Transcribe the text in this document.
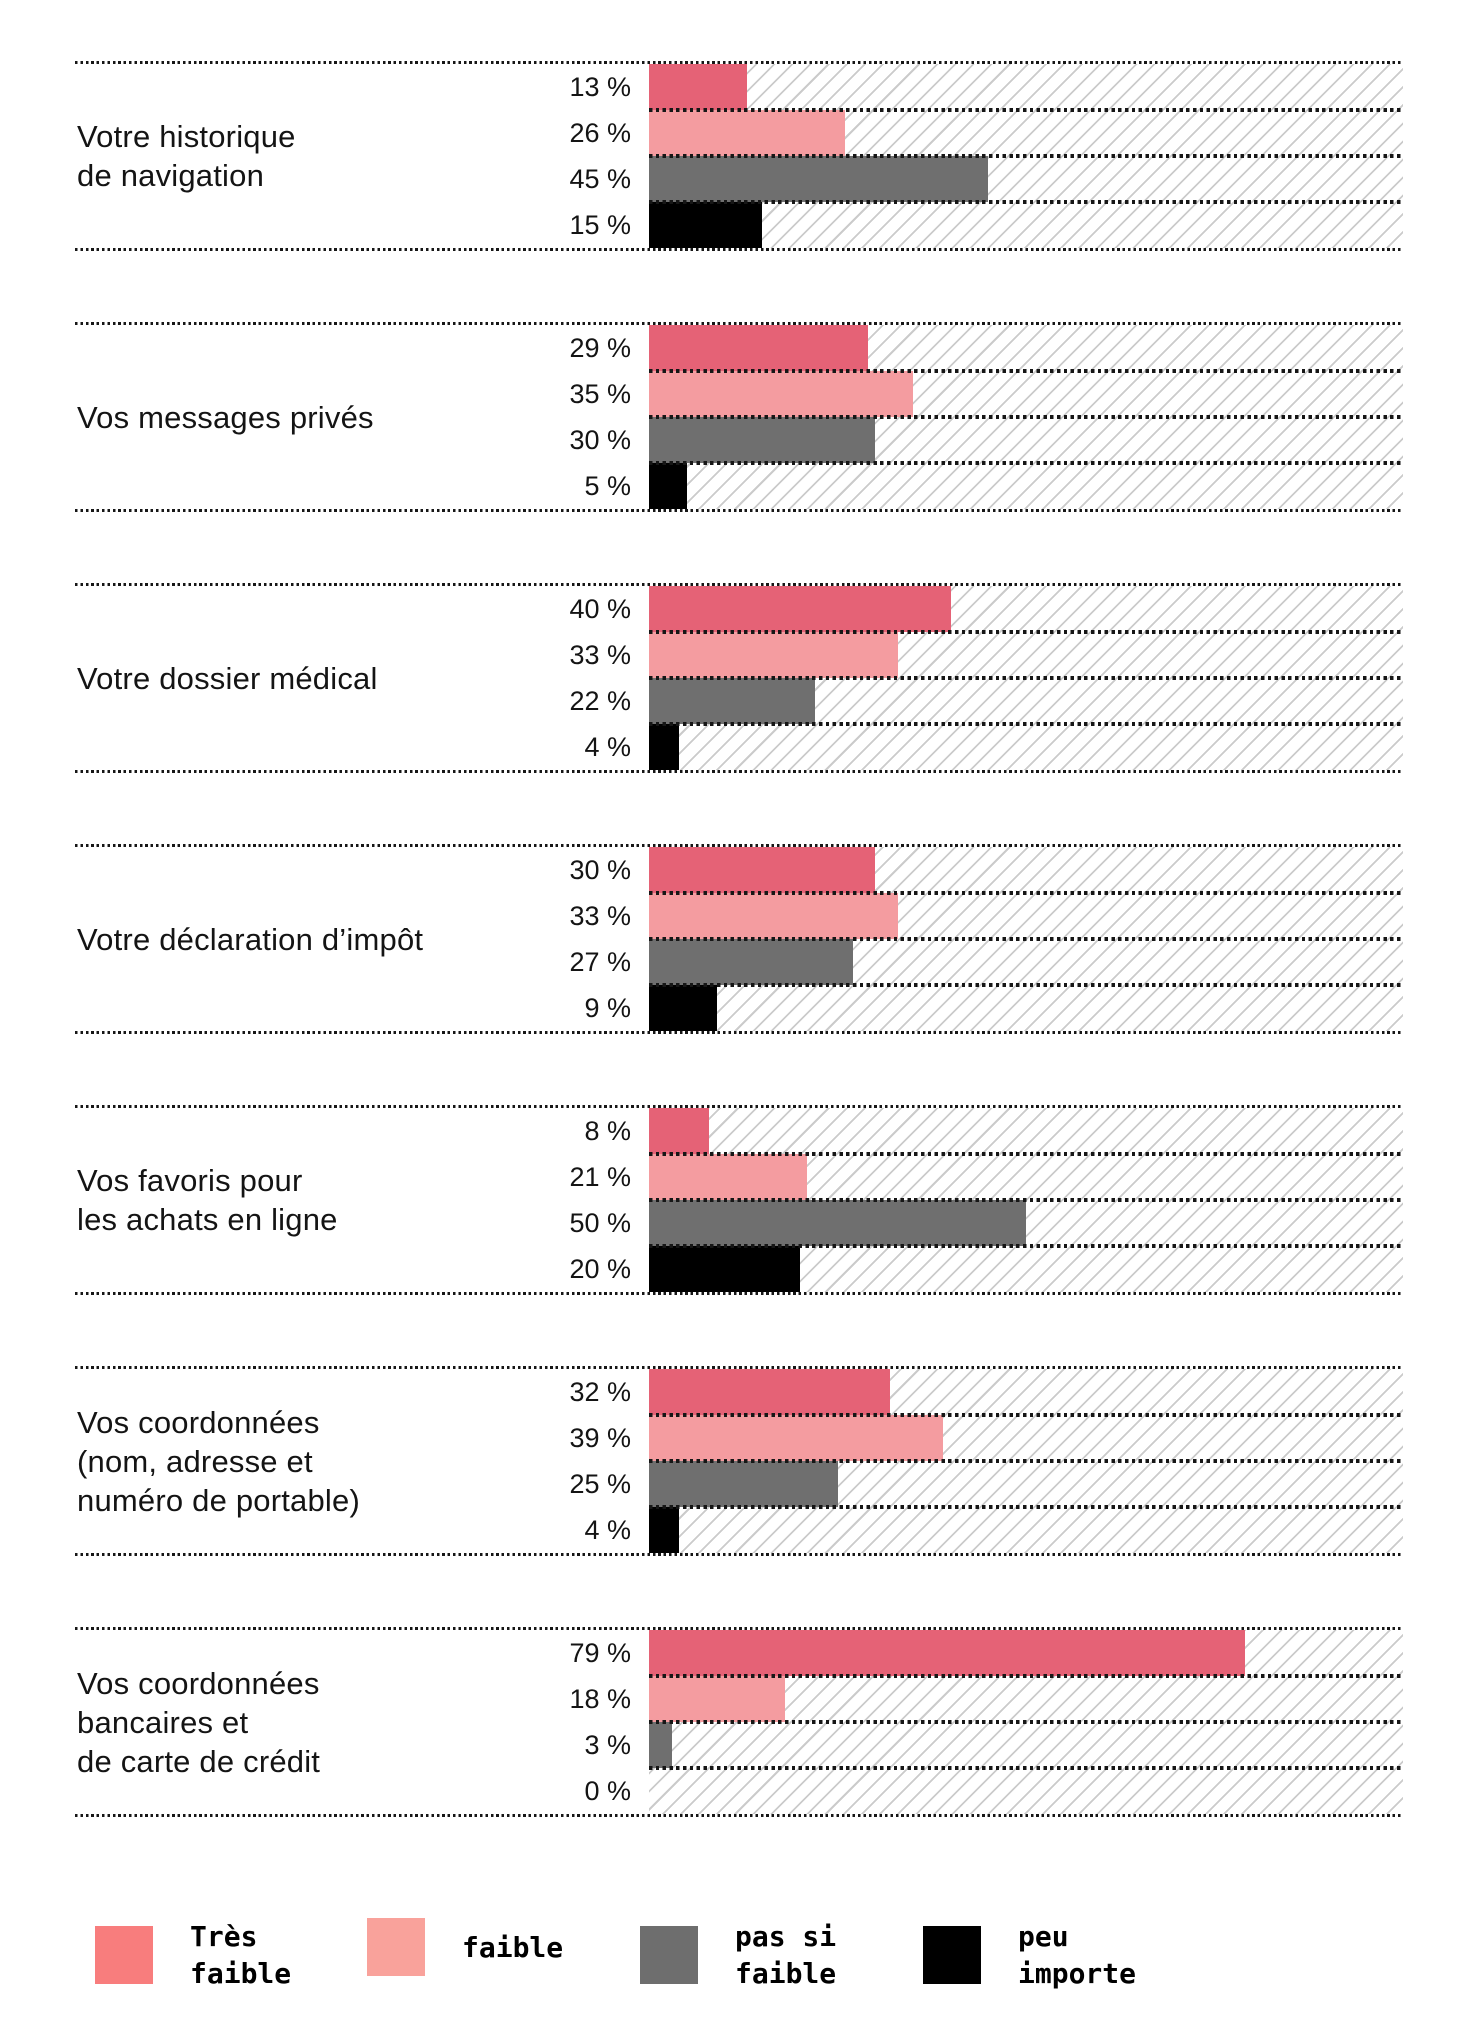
Votre historique
de navigation
13 %
26 %
45 %
15 %
Vos messages privés
29 %
35 %
30 %
5 %
Votre dossier médical
40 %
33 %
22 %
4 %
Votre déclaration d’impôt
30 %
33 %
27 %
9 %
Vos favoris pour
les achats en ligne
8 %
21 %
50 %
20 %
Vos coordonnées
(nom, adresse et
numéro de portable)
32 %
39 %
25 %
4 %
Vos coordonnées
bancaires et
de carte de crédit
79 %
18 %
3 %
0 %
Très
faible
faible	pas si
faible
peu
importe
